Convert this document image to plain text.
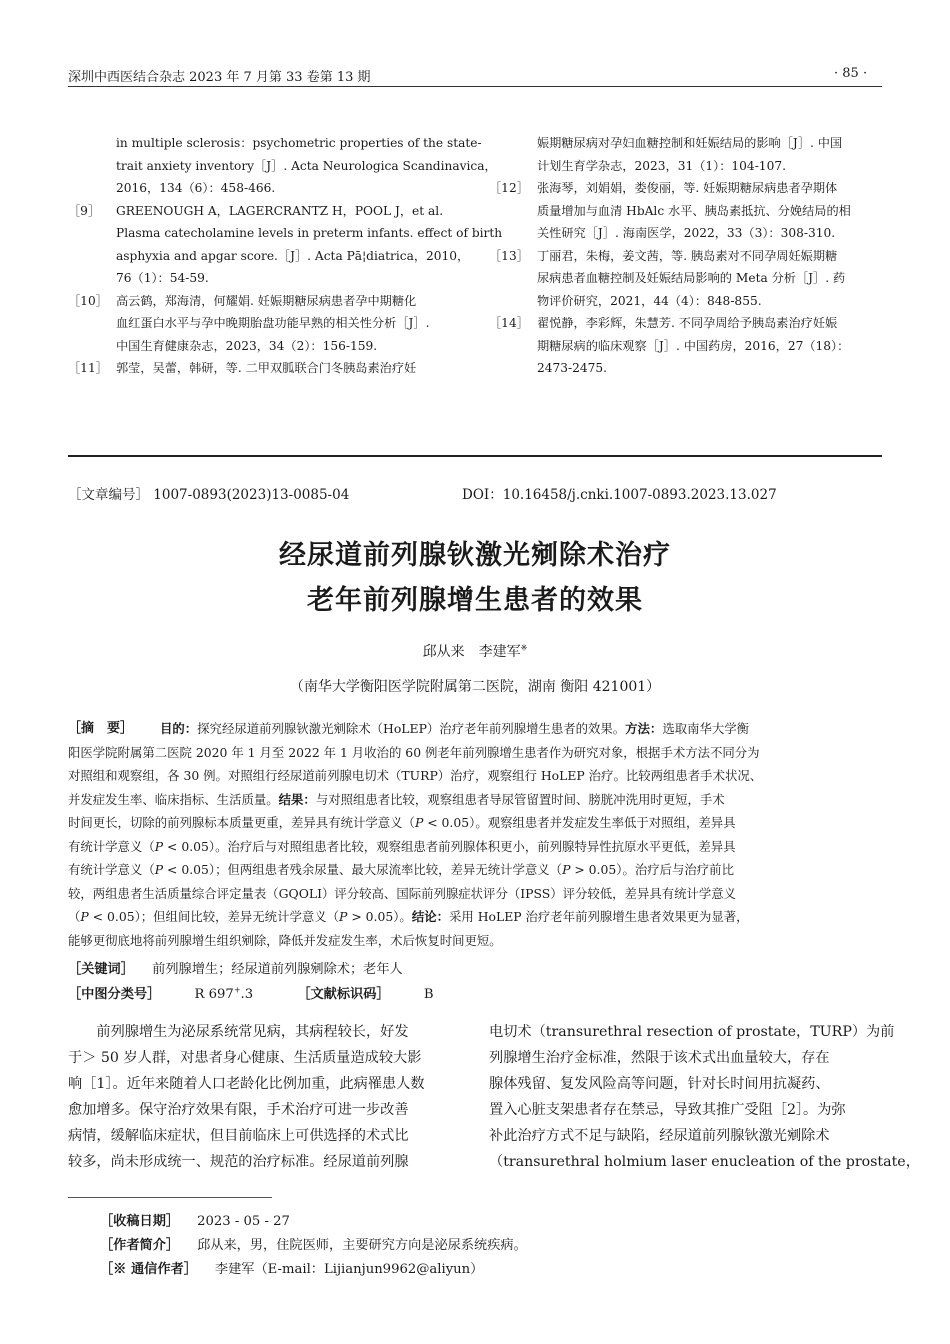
深圳中西医结合杂志 2023 年 7 月第 33 卷第 13 期	· 85 ·
in multiple sclerosis：psychometric properties of the state-
trait anxiety inventory［J］. Acta Neurologica Scandinavica，
2016，134（6）：458-466.
［9］ GREENOUGH A，LAGERCRANTZ H，POOL J，et al.
Plasma catecholamine levels in preterm infants. effect of birth
asphyxia and apgar score.［J］. Acta Pā¦diatrica，2010，
76（1）：54-59.
［10］ 高云鹤，郑海清，何耀娟. 妊娠期糖尿病患者孕中期糖化
血红蛋白水平与孕中晚期胎盘功能早熟的相关性分析［J］.
中国生育健康杂志，2023，34（2）：156-159.
［11］ 郭莹，吴蕾，韩研，等. 二甲双胍联合门冬胰岛素治疗妊
娠期糖尿病对孕妇血糖控制和妊娠结局的影响［J］. 中国
计划生育学杂志，2023，31（1）：104-107.
［12］ 张海琴，刘娟娟，娄俊丽，等. 妊娠期糖尿病患者孕期体
质量增加与血清 HbAlc 水平、胰岛素抵抗、分娩结局的相
关性研究［J］. 海南医学，2022，33（3）：308-310.
［13］ 丁丽君，朱梅，姜文茜，等. 胰岛素对不同孕周妊娠期糖
尿病患者血糖控制及妊娠结局影响的 Meta 分析［J］. 药
物评价研究，2021，44（4）：848-855.
［14］ 翟悦静，李彩辉，朱慧芳. 不同孕周给予胰岛素治疗妊娠
期糖尿病的临床观察［J］. 中国药房，2016，27（18）：
2473-2475.
［文章编号］ 1007-0893(2023)13-0085-04	DOI：10.16458/j.cnki.1007-0893.2023.13.027
经尿道前列腺钬激光剜除术治疗
老年前列腺增生患者的效果
邱从来　李建军※
（南华大学衡阳医学院附属第二医院，湖南 衡阳 421001）
［摘　要］	目的：探究经尿道前列腺钬激光剜除术（HoLEP）治疗老年前列腺增生患者的效果。方法：选取南华大学衡
阳医学院附属第二医院 2020 年 1 月至 2022 年 1 月收治的 60 例老年前列腺增生患者作为研究对象，根据手术方法不同分为
对照组和观察组，各 30 例。对照组行经尿道前列腺电切术（TURP）治疗，观察组行 HoLEP 治疗。比较两组患者手术状况、
并发症发生率、临床指标、生活质量。结果：与对照组患者比较，观察组患者导尿管留置时间、膀胱冲洗用时更短，手术
时间更长，切除的前列腺标本质量更重，差异具有统计学意义（P < 0.05）。观察组患者并发症发生率低于对照组，差异具
有统计学意义（P < 0.05）。治疗后与对照组患者比较，观察组患者前列腺体积更小，前列腺特异性抗原水平更低，差异具
有统计学意义（P < 0.05）；但两组患者残余尿量、最大尿流率比较，差异无统计学意义（P > 0.05）。治疗后与治疗前比
较，两组患者生活质量综合评定量表（GQOLI）评分较高、国际前列腺症状评分（IPSS）评分较低，差异具有统计学意义
（P < 0.05）；但组间比较，差异无统计学意义（P > 0.05）。结论：采用 HoLEP 治疗老年前列腺增生患者效果更为显著，
能够更彻底地将前列腺增生组织剜除，降低并发症发生率，术后恢复时间更短。
［关键词］ 前列腺增生；经尿道前列腺剜除术；老年人
［中图分类号］	R 697+.3	［文献标识码］	B
　　前列腺增生为泌尿系统常见病，其病程较长，好发
于＞ 50 岁人群，对患者身心健康、生活质量造成较大影
响［1］。近年来随着人口老龄化比例加重，此病罹患人数
愈加增多。保守治疗效果有限，手术治疗可进一步改善
病情，缓解临床症状，但目前临床上可供选择的术式比
较多，尚未形成统一、规范的治疗标准。经尿道前列腺
电切术（transurethral resection of prostate，TURP）为前
列腺增生治疗金标准，然限于该术式出血量较大，存在
腺体残留、复发风险高等问题，针对长时间用抗凝药、
置入心脏支架患者存在禁忌，导致其推广受阻［2］。为弥
补此治疗方式不足与缺陷，经尿道前列腺钬激光剜除术
（transurethral holmium laser enucleation of the prostate，
［收稿日期］ 2023 - 05 - 27
［作者简介］ 邱从来，男，住院医师，主要研究方向是泌尿系统疾病。
［※ 通信作者］ 李建军（E-mail：Lijianjun9962@aliyun）
